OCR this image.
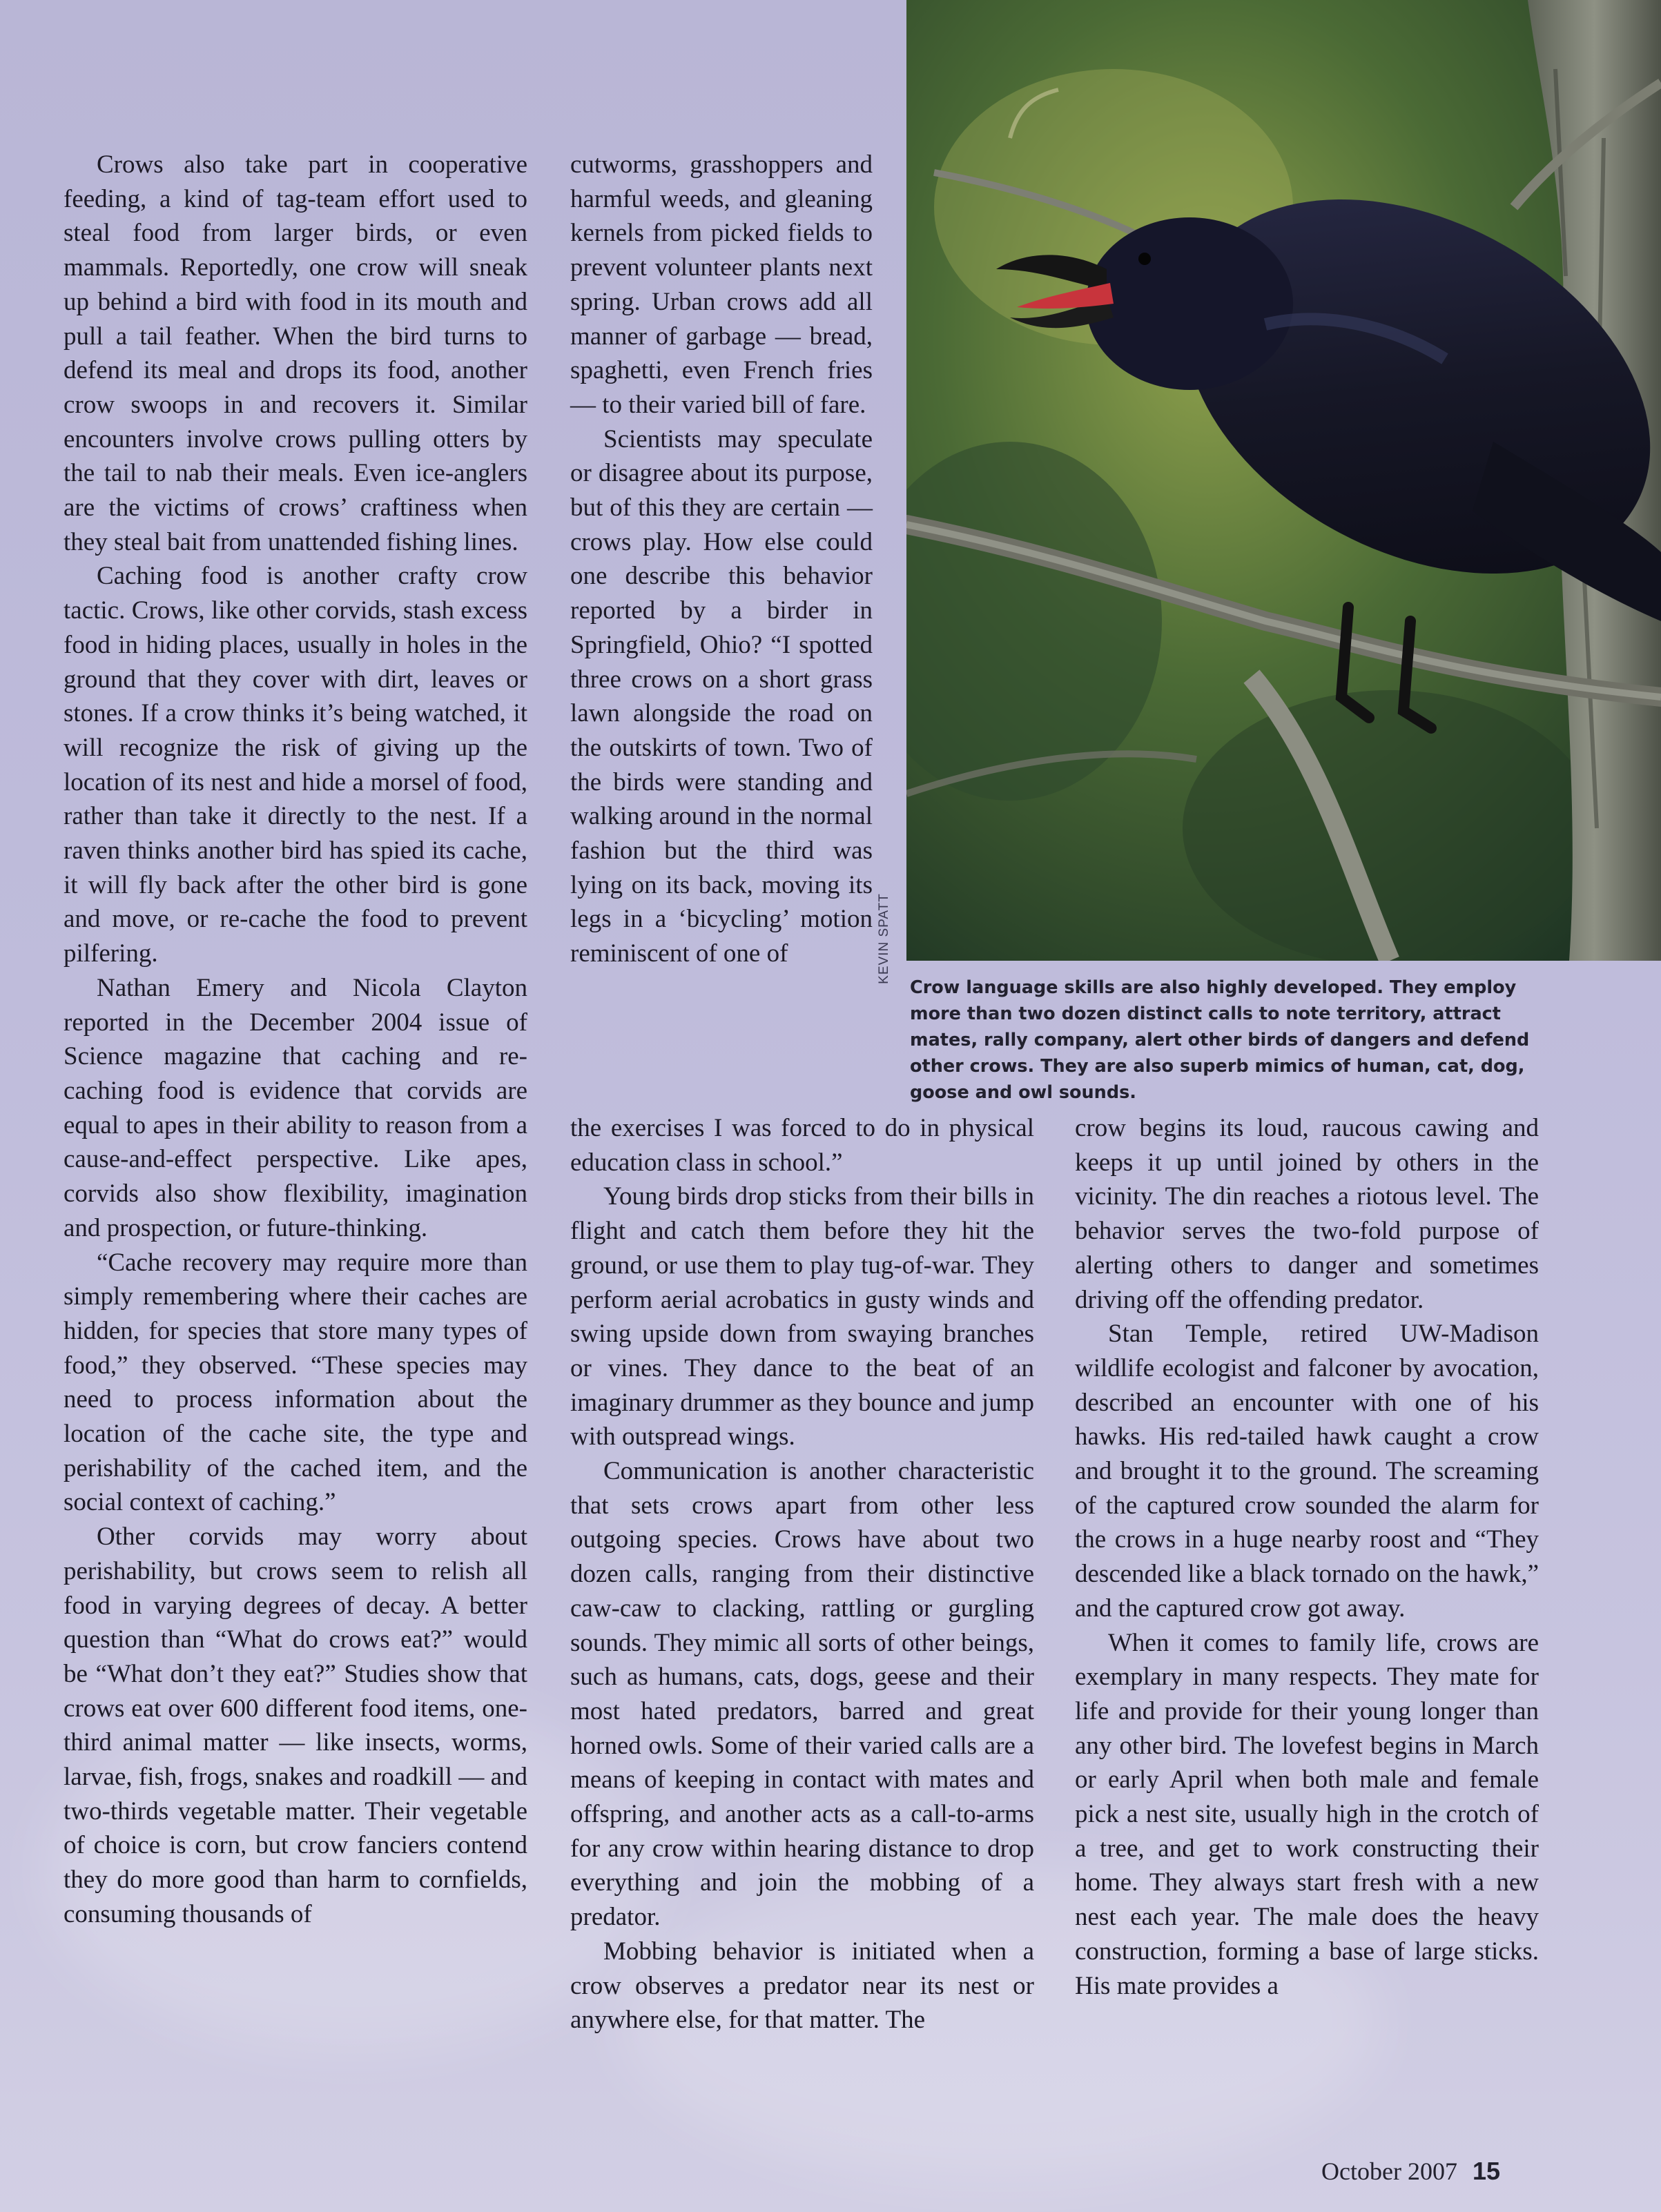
Crows also take part in cooperative feeding, a kind of tag-team effort used to steal food from larger birds, or even mammals. Reportedly, one crow will sneak up behind a bird with food in its mouth and pull a tail feather. When the bird turns to defend its meal and drops its food, another crow swoops in and recovers it. Similar encounters involve crows pulling otters by the tail to nab their meals. Even ice-anglers are the victims of crows’ craftiness when they steal bait from unattended fishing lines.

Caching food is another crafty crow tactic. Crows, like other corvids, stash excess food in hiding places, usually in holes in the ground that they cover with dirt, leaves or stones. If a crow thinks it’s being watched, it will recognize the risk of giving up the location of its nest and hide a morsel of food, rather than take it directly to the nest. If a raven thinks another bird has spied its cache, it will fly back after the other bird is gone and move, or re-cache the food to prevent pilfering.

Nathan Emery and Nicola Clayton reported in the December 2004 issue of Science magazine that caching and re-caching food is evidence that corvids are equal to apes in their ability to reason from a cause-and-effect perspective. Like apes, corvids also show flexibility, imagination and prospection, or future-thinking.

“Cache recovery may require more than simply remembering where their caches are hidden, for species that store many types of food,” they observed. “These species may need to process information about the location of the cache site, the type and perishability of the cached item, and the social context of caching.”

Other corvids may worry about perishability, but crows seem to relish all food in varying degrees of decay. A better question than “What do crows eat?” would be “What don’t they eat?” Studies show that crows eat over 600 different food items, one-third animal matter — like insects, worms, larvae, fish, frogs, snakes and roadkill — and two-thirds vegetable matter. Their vegetable of choice is corn, but crow fanciers contend they do more good than harm to cornfields, consuming thousands of

cutworms, grasshoppers and harmful weeds, and gleaning kernels from picked fields to prevent volunteer plants next spring. Urban crows add all manner of garbage — bread, spaghetti, even French fries — to their varied bill of fare.

Scientists may speculate or disagree about its purpose, but of this they are certain — crows play. How else could one describe this behavior reported by a birder in Springfield, Ohio? “I spotted three crows on a short grass lawn alongside the road on the outskirts of town. Two of the birds were standing and walking around in the normal fashion but the third was lying on its back, moving its legs in a ‘bicycling’ motion reminiscent of one of

the exercises I was forced to do in physical education class in school.”

Young birds drop sticks from their bills in flight and catch them before they hit the ground, or use them to play tug-of-war. They perform aerial acrobatics in gusty winds and swing upside down from swaying branches or vines. They dance to the beat of an imaginary drummer as they bounce and jump with outspread wings.

Communication is another characteristic that sets crows apart from other less outgoing species. Crows have about two dozen calls, ranging from their distinctive caw-caw to clacking, rattling or gurgling sounds. They mimic all sorts of other beings, such as humans, cats, dogs, geese and their most hated predators, barred and great horned owls. Some of their varied calls are a means of keeping in contact with mates and offspring, and another acts as a call-to-arms for any crow within hearing distance to drop everything and join the mobbing of a predator.

Mobbing behavior is initiated when a crow observes a predator near its nest or anywhere else, for that matter. The

crow begins its loud, raucous cawing and keeps it up until joined by others in the vicinity. The din reaches a riotous level. The behavior serves the two-fold purpose of alerting others to danger and sometimes driving off the offending predator.

Stan Temple, retired UW-Madison wildlife ecologist and falconer by avocation, described an encounter with one of his hawks. His red-tailed hawk caught a crow and brought it to the ground. The screaming of the captured crow sounded the alarm for the crows in a huge nearby roost and “They descended like a black tornado on the hawk,” and the captured crow got away.

When it comes to family life, crows are exemplary in many respects. They mate for life and provide for their young longer than any other bird. The lovefest begins in March or early April when both male and female pick a nest site, usually high in the crotch of a tree, and get to work constructing their home. They always start fresh with a new nest each year. The male does the heavy construction, forming a base of large sticks. His mate provides a

KEVIN SPATT
Crow language skills are also highly developed. They employ more than two dozen distinct calls to note territory, attract mates, rally company, alert other birds of dangers and defend other crows. They are also superb mimics of human, cat, dog, goose and owl sounds.
October 2007 15
